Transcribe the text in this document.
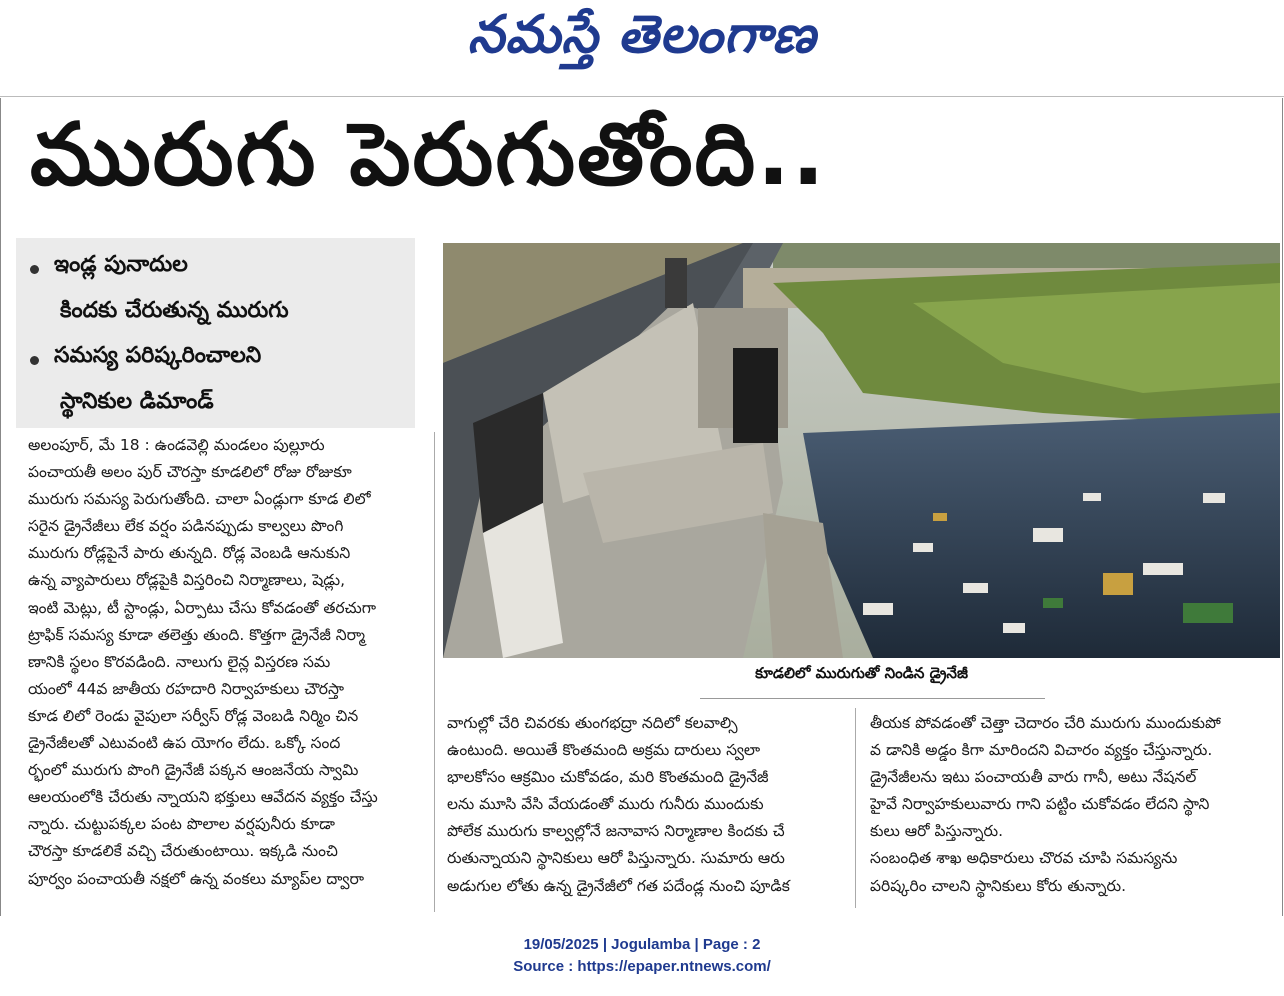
నమస్తే తెలంగాణ
మురుగు పెరుగుతోంది..
ఇండ్ల పునాదుల
కిందకు చేరుతున్న మురుగు
సమస్య పరిష్కరించాలని
స్థానికుల డిమాండ్
కూడలిలో మురుగుతో నిండిన డ్రైనేజీ
అలంపూర్, మే 18 : ఉండవెల్లి మండలం పుల్లూరు
పంచాయతీ అలం పుర్ చౌరస్తా కూడలిలో రోజు రోజుకూ
మురుగు సమస్య పెరుగుతోంది. చాలా ఏండ్లుగా కూడ లిలో
సరైన డ్రైనేజీలు లేక వర్షం పడినప్పుడు కాల్వలు పొంగి
మురుగు రోడ్లపైనే పారు తున్నది. రోడ్ల వెంబడి ఆనుకుని
ఉన్న వ్యాపారులు రోడ్లపైకి విస్తరించి నిర్మాణాలు, షెడ్లు,
ఇంటి మెట్లు, టీ స్టాండ్లు, ఏర్పాటు చేసు కోవడంతో తరచుగా
ట్రాఫిక్ సమస్య కూడా తలెత్తు తుంది. కొత్తగా డ్రైనేజీ నిర్మా
ణానికి స్థలం కొరవడింది. నాలుగు లైన్ల విస్తరణ సమ
యంలో 44వ జాతీయ రహదారి నిర్వాహకులు చౌరస్తా
కూడ లిలో రెండు వైపులా సర్వీస్ రోడ్ల వెంబడి నిర్మిం చిన
డ్రైనేజీలతో ఎటువంటి ఉప యోగం లేదు. ఒక్కో సంద
ర్భంలో మురుగు పొంగి డ్రైనేజీ పక్కన ఆంజనేయ స్వామి
ఆలయంలోకి చేరుతు న్నాయని భక్తులు ఆవేదన వ్యక్తం చేస్తు
న్నారు. చుట్టుపక్కల పంట పొలాల వర్షపునీరు కూడా
చౌరస్తా కూడలికే వచ్చి చేరుతుంటాయి. ఇక్కడి నుంచి
పూర్వం పంచాయతీ నక్షలో ఉన్న వంకలు మ్యాప్‌ల ద్వారా
వాగుల్లో చేరి చివరకు తుంగభద్రా నదిలో కలవాల్సి
ఉంటుంది. అయితే కొంతమంది అక్రమ దారులు స్వలా
భాలకోసం ఆక్రమిం చుకోవడం, మరి కొంతమంది డ్రైనేజీ
లను మూసి వేసి వేయడంతో మురు గునీరు ముందుకు
పోలేక మురుగు కాల్వల్లోనే జనావాస నిర్మాణాల కిందకు చే
రుతున్నాయని స్థానికులు ఆరో పిస్తున్నారు. సుమారు ఆరు
అడుగుల లోతు ఉన్న డ్రైనేజీలో గత పదేండ్ల నుంచి పూడిక
తీయక పోవడంతో చెత్తా చెదారం చేరి మురుగు ముందుకుపో
వ డానికి అడ్డం కిగా మారిందని విచారం వ్యక్తం చేస్తున్నారు.
డ్రైనేజీలను ఇటు పంచాయతీ వారు గానీ, అటు నేషనల్
హైవే నిర్వాహకులువారు గాని పట్టిం చుకోవడం లేదని స్థాని
కులు ఆరో పిస్తున్నారు.
సంబంధిత శాఖ అధికారులు చొరవ చూపి సమస్యను
పరిష్కరిం చాలని స్థానికులు కోరు తున్నారు.
19/05/2025 | Jogulamba | Page : 2
Source : https://epaper.ntnews.com/
